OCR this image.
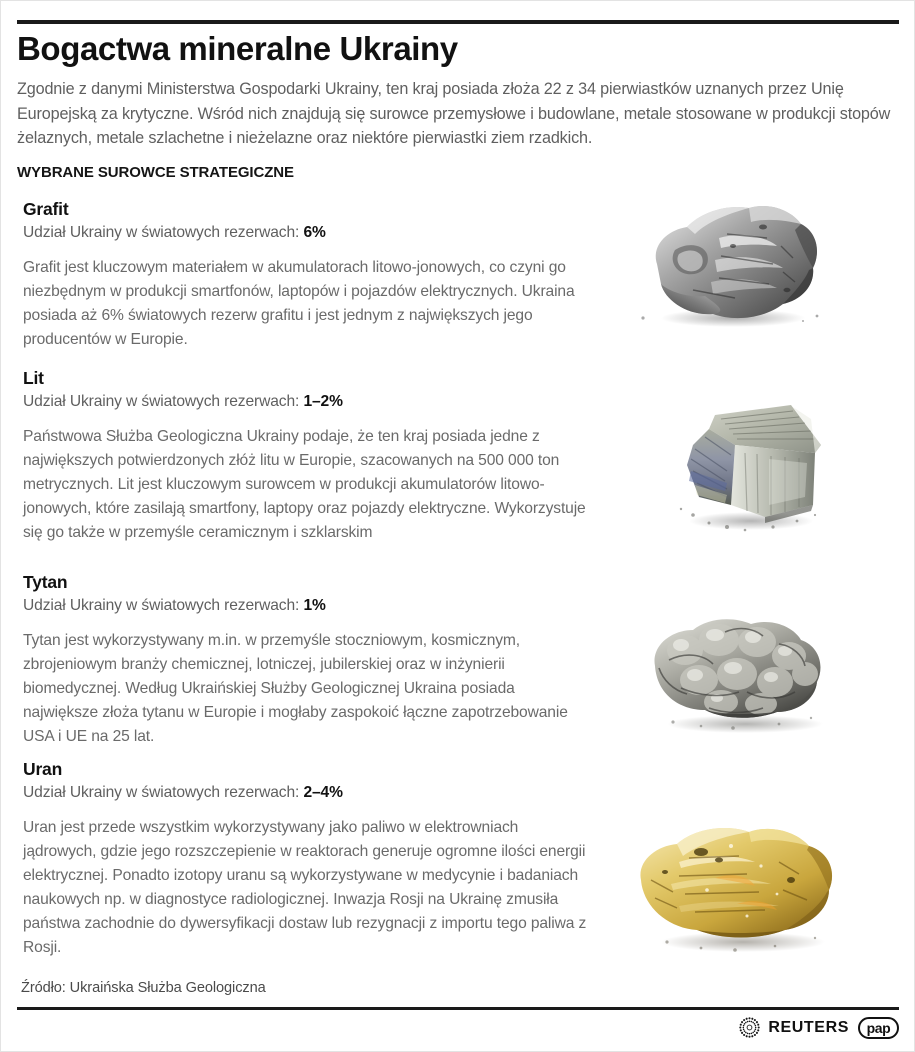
Bogactwa mineralne Ukrainy

Zgodnie z danymi Ministerstwa Gospodarki Ukrainy, ten kraj posiada złoża 22 z 34 pierwiastków uznanych przez Unię Europejską za krytyczne. Wśród nich znajdują się surowce przemysłowe i budowlane, metale stosowane w produkcji stopów żelaznych, metale szlachetne i nieżelazne oraz niektóre pierwiastki ziem rzadkich.

WYBRANE SUROWCE STRATEGICZNE

Grafit

Udział Ukrainy w światowych rezerwach: 6%

Grafit jest kluczowym materiałem w akumulatorach litowo-jonowych, co czyni go niezbędnym w produkcji smartfonów, laptopów i pojazdów elektrycznych. Ukraina posiada aż 6% światowych rezerw grafitu i jest jednym z największych jego producentów w Europie.

Lit

Udział Ukrainy w światowych rezerwach: 1–2%

Państwowa Służba Geologiczna Ukrainy podaje, że ten kraj posiada jedne z największych potwierdzonych złóż litu w Europie, szacowanych na 500 000 ton metrycznych. Lit jest kluczowym surowcem w produkcji akumulatorów litowo-jonowych, które zasilają smartfony, laptopy oraz pojazdy elektryczne. Wykorzystuje się go także w przemyśle ceramicznym i szklarskim

Tytan

Udział Ukrainy w światowych rezerwach: 1%

Tytan jest wykorzystywany m.in. w przemyśle stoczniowym, kosmicznym, zbrojeniowym branży chemicznej, lotniczej, jubilerskiej oraz w inżynierii biomedycznej. Według Ukraińskiej Służby Geologicznej Ukraina posiada największe złoża tytanu w Europie i mogłaby zaspokoić łączne zapotrzebowanie USA i UE na 25 lat.

Uran

Udział Ukrainy w światowych rezerwach: 2–4%

Uran jest przede wszystkim wykorzystywany jako paliwo w elektrowniach jądrowych, gdzie jego rozszczepienie w reaktorach generuje ogromne ilości energii elektrycznej. Ponadto izotopy uranu są wykorzystywane w medycynie i badaniach naukowych np. w diagnostyce radiologicznej. Inwazja Rosji na Ukrainę zmusiła państwa zachodnie do dywersyfikacji dostaw lub rezygnacji z importu tego paliwa z Rosji.

Źródło: Ukraińska Służba Geologiczna

REUTERS pap
